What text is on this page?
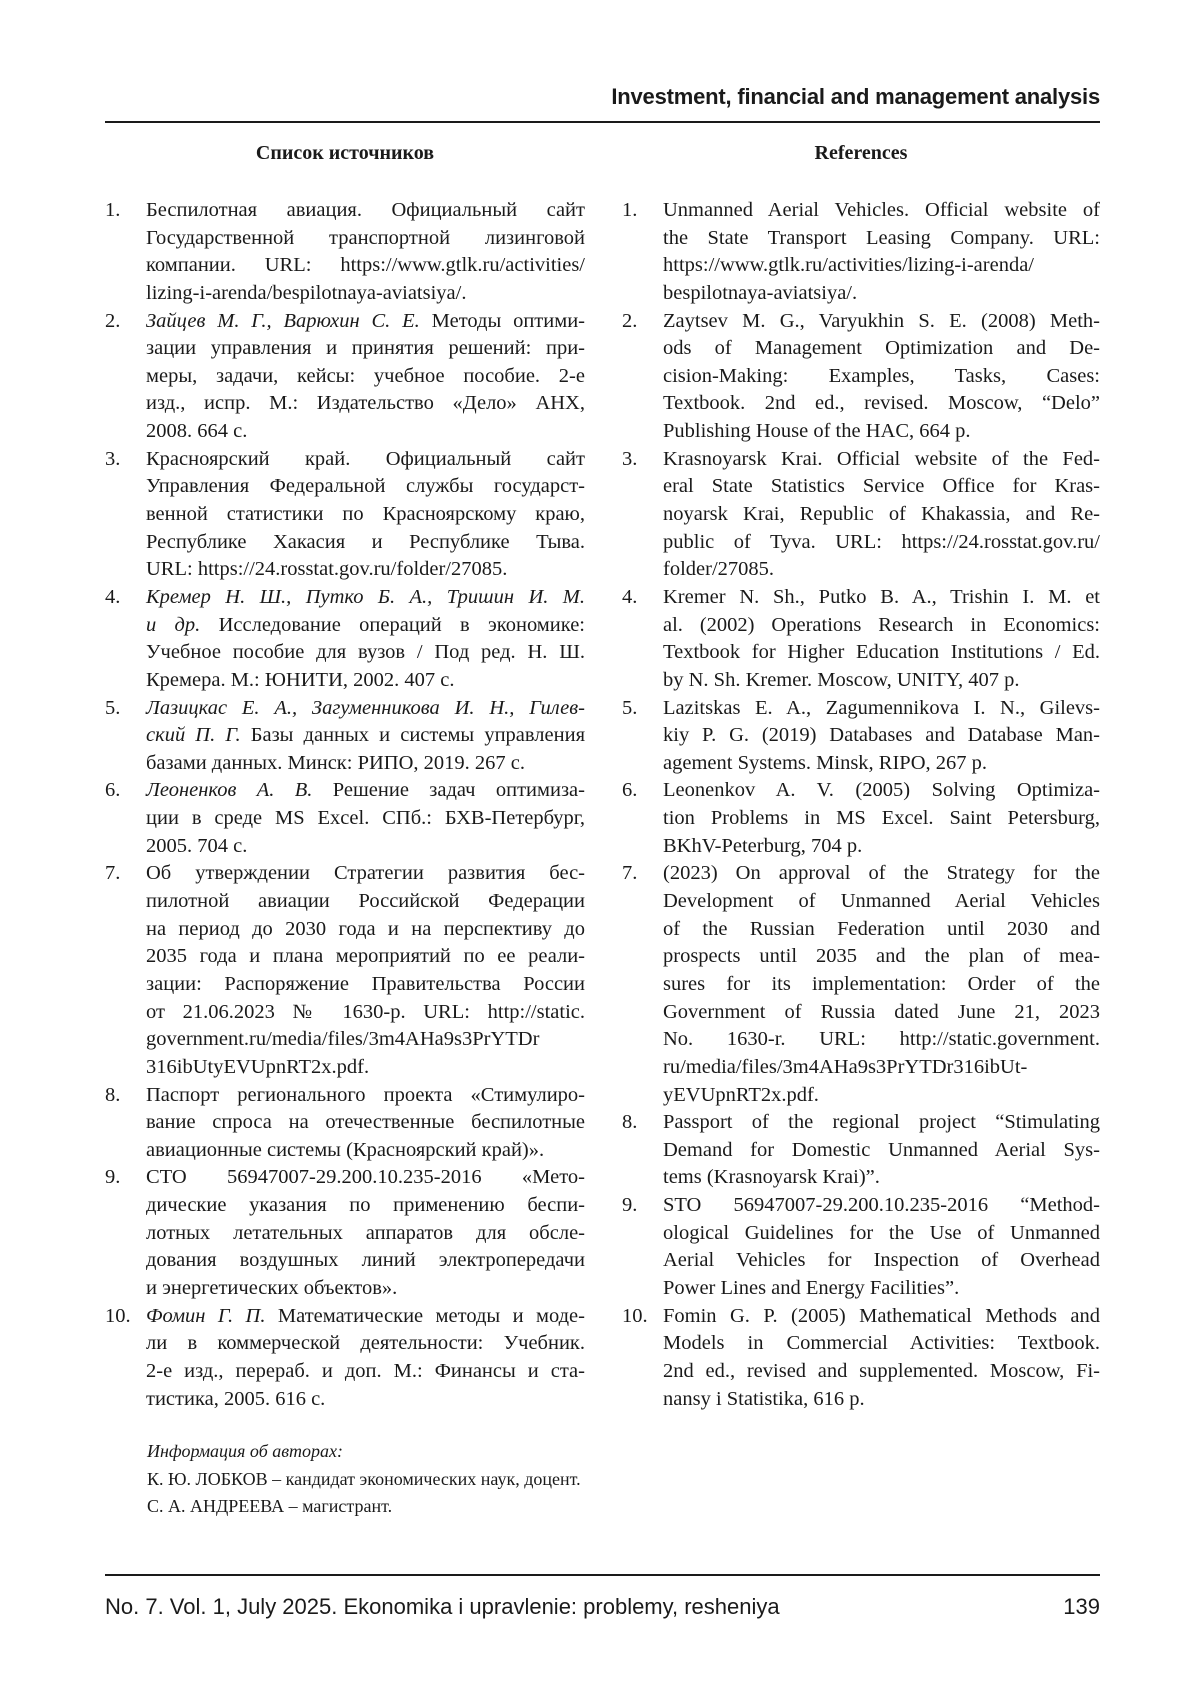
Investment, financial and management analysis
Список источников	References
1. Беспилотная авиация. Официальный сайт
Государственной транспортной лизинговой
компании. URL: https://www.gtlk.ru/activities/
lizing-i-arenda/bespilotnaya-aviatsiya/.
2. Зайцев М. Г., Варюхин С. Е. Методы оптими-
зации управления и принятия решений: при-
меры, задачи, кейсы: учебное пособие. 2-е
изд., испр. М.: Издательство «Дело» АНХ,
2008. 664 с.
3. Красноярский край. Официальный сайт
Управления Федеральной службы государст-
венной статистики по Красноярскому краю,
Республике Хакасия и Республике Тыва.
URL: https://24.rosstat.gov.ru/folder/27085.
4. Кремер Н. Ш., Путко Б. А., Тришин И. М.
и др. Исследование операций в экономике:
Учебное пособие для вузов / Под ред. Н. Ш.
Кремера. М.: ЮНИТИ, 2002. 407 с.
5. Лазицкас Е. А., Загуменникова И. Н., Гилев-
ский П. Г. Базы данных и системы управления
базами данных. Минск: РИПО, 2019. 267 с.
6. Леоненков А. В. Решение задач оптимиза-
ции в среде MS Excel. СПб.: БХВ-Петербург,
2005. 704 с.
7. Об утверждении Стратегии развития бес-
пилотной авиации Российской Федерации
на период до 2030 года и на перспективу до
2035 года и плана мероприятий по ее реали-
зации: Распоряжение Правительства России
от 21.06.2023 № 1630-р. URL: http://static.
government.ru/media/files/3m4AHa9s3PrYTDr
316ibUtyEVUpnRT2x.pdf.
8. Паспорт регионального проекта «Стимулиро-
вание спроса на отечественные беспилотные
авиационные системы (Красноярский край)».
9. СТО 56947007-29.200.10.235-2016 «Мето-
дические указания по применению беспи-
лотных летательных аппаратов для обсле-
дования воздушных линий электропередачи
и энергетических объектов».
10. Фомин Г. П. Математические методы и моде-
ли в коммерческой деятельности: Учебник.
2-е изд., перераб. и доп. М.: Финансы и ста-
тистика, 2005. 616 с.
1. Unmanned Aerial Vehicles. Official website of
the State Transport Leasing Company. URL:
https://www.gtlk.ru/activities/lizing-i-arenda/
bespilotnaya-aviatsiya/.
2. Zaytsev M. G., Varyukhin S. E. (2008) Meth-
ods of Management Optimization and De-
cision-Making: Examples, Tasks, Cases:
Textbook. 2nd ed., revised. Moscow, “Delo”
Publishing House of the HAC, 664 p.
3. Krasnoyarsk Krai. Official website of the Fed-
eral State Statistics Service Office for Kras-
noyarsk Krai, Republic of Khakassia, and Re-
public of Tyva. URL: https://24.rosstat.gov.ru/
folder/27085.
4. Kremer N. Sh., Putko B. A., Trishin I. M. et
al. (2002) Operations Research in Economics:
Textbook for Higher Education Institutions / Ed.
by N. Sh. Kremer. Moscow, UNITY, 407 p.
5. Lazitskas E. A., Zagumennikova I. N., Gilevs-
kiy P. G. (2019) Databases and Database Man-
agement Systems. Minsk, RIPO, 267 p.
6. Leonenkov A. V. (2005) Solving Optimiza-
tion Problems in MS Excel. Saint Petersburg,
BKhV-Peterburg, 704 p.
7. (2023) On approval of the Strategy for the
Development of Unmanned Aerial Vehicles
of the Russian Federation until 2030 and
prospects until 2035 and the plan of mea-
sures for its implementation: Order of the
Government of Russia dated June 21, 2023
No. 1630-r. URL: http://static.government.
ru/media/files/3m4AHa9s3PrYTDr316ibUt-
yEVUpnRT2x.pdf.
8. Passport of the regional project “Stimulating
Demand for Domestic Unmanned Aerial Sys-
tems (Krasnoyarsk Krai)”.
9. STO 56947007-29.200.10.235-2016 “Method-
ological Guidelines for the Use of Unmanned
Aerial Vehicles for Inspection of Overhead
Power Lines and Energy Facilities”.
10. Fomin G. P. (2005) Mathematical Methods and
Models in Commercial Activities: Textbook.
2nd ed., revised and supplemented. Moscow, Fi-
nansy i Statistika, 616 p.
Информация об авторах:
К. Ю. ЛОБКОВ – кандидат экономических наук, доцент.
С. А. АНДРЕЕВА – магистрант.
No. 7. Vol. 1, July 2025. Ekonomika i upravlenie: problemy, resheniya	139
